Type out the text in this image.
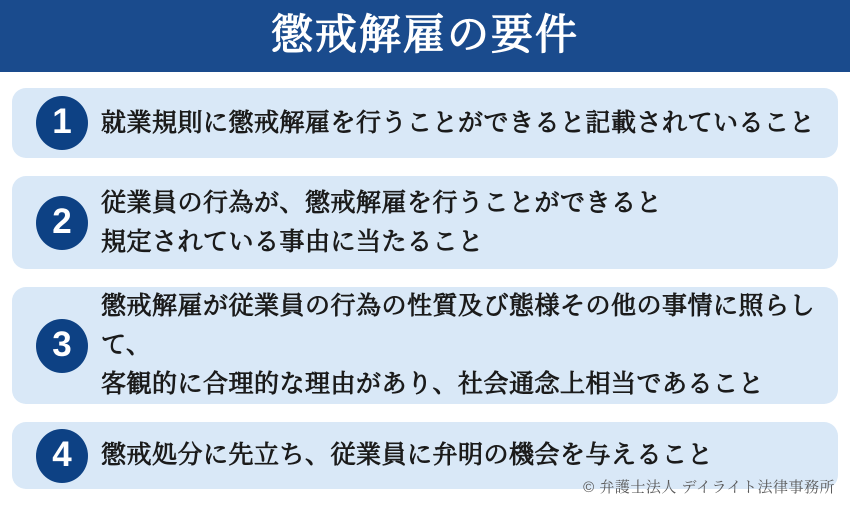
懲戒解雇の要件
1 就業規則に懲戒解雇を行うことができると記載されていること
2 従業員の行為が、懲戒解雇を行うことができると
規定されている事由に当たること
3
懲戒解雇が従業員の行為の性質及び態様その他の事情に照らして、
客観的に合理的な理由があり、社会通念上相当であること
4 懲戒処分に先立ち、従業員に弁明の機会を与えること
© 弁護士法人 デイライト法律事務所
